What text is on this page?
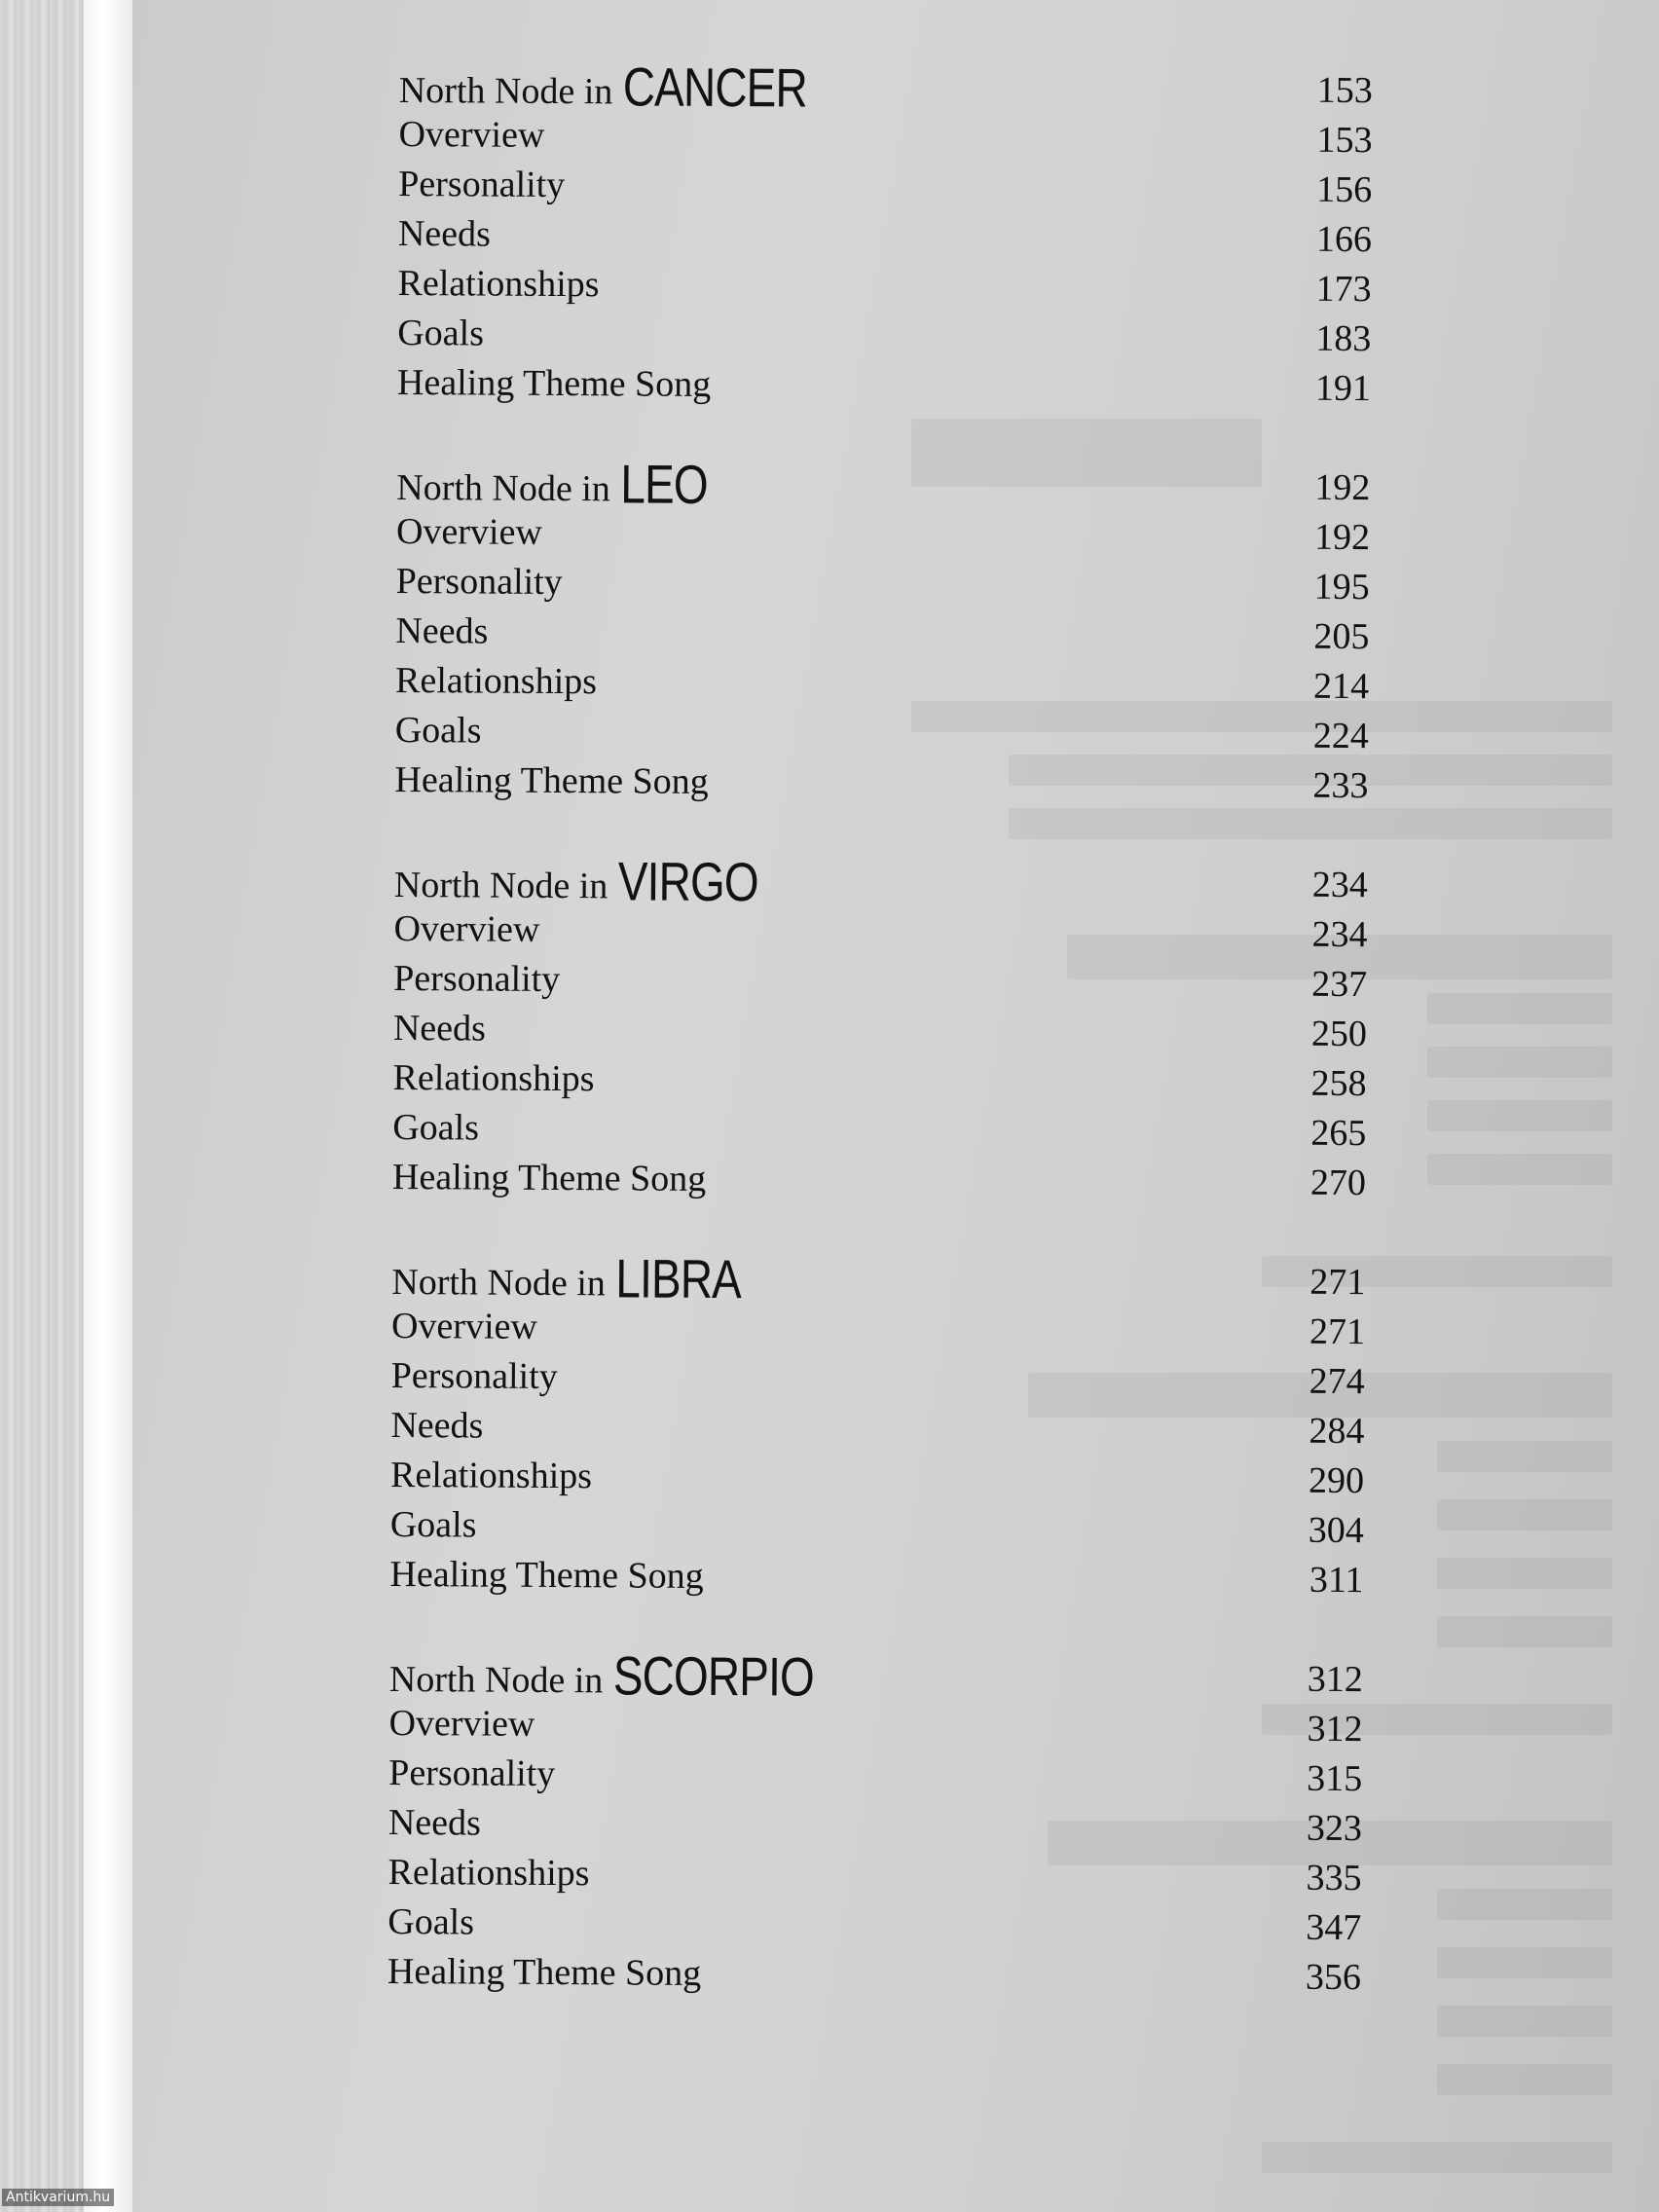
North Node in CANCER	153
Overview	153
Personality	156
Needs	166
Relationships	173
Goals	183
Healing Theme Song	191
North Node in LEO	192
Overview	192
Personality	195
Needs	205
Relationships	214
Goals	224
Healing Theme Song	233
North Node in VIRGO	234
Overview	234
Personality	237
Needs	250
Relationships	258
Goals	265
Healing Theme Song	270
North Node in LIBRA	271
Overview	271
Personality	274
Needs	284
Relationships	290
Goals	304
Healing Theme Song	311
North Node in SCORPIO	312
Overview	312
Personality	315
Needs	323
Relationships	335
Goals	347
Healing Theme Song	356
Antikvarium.hu
